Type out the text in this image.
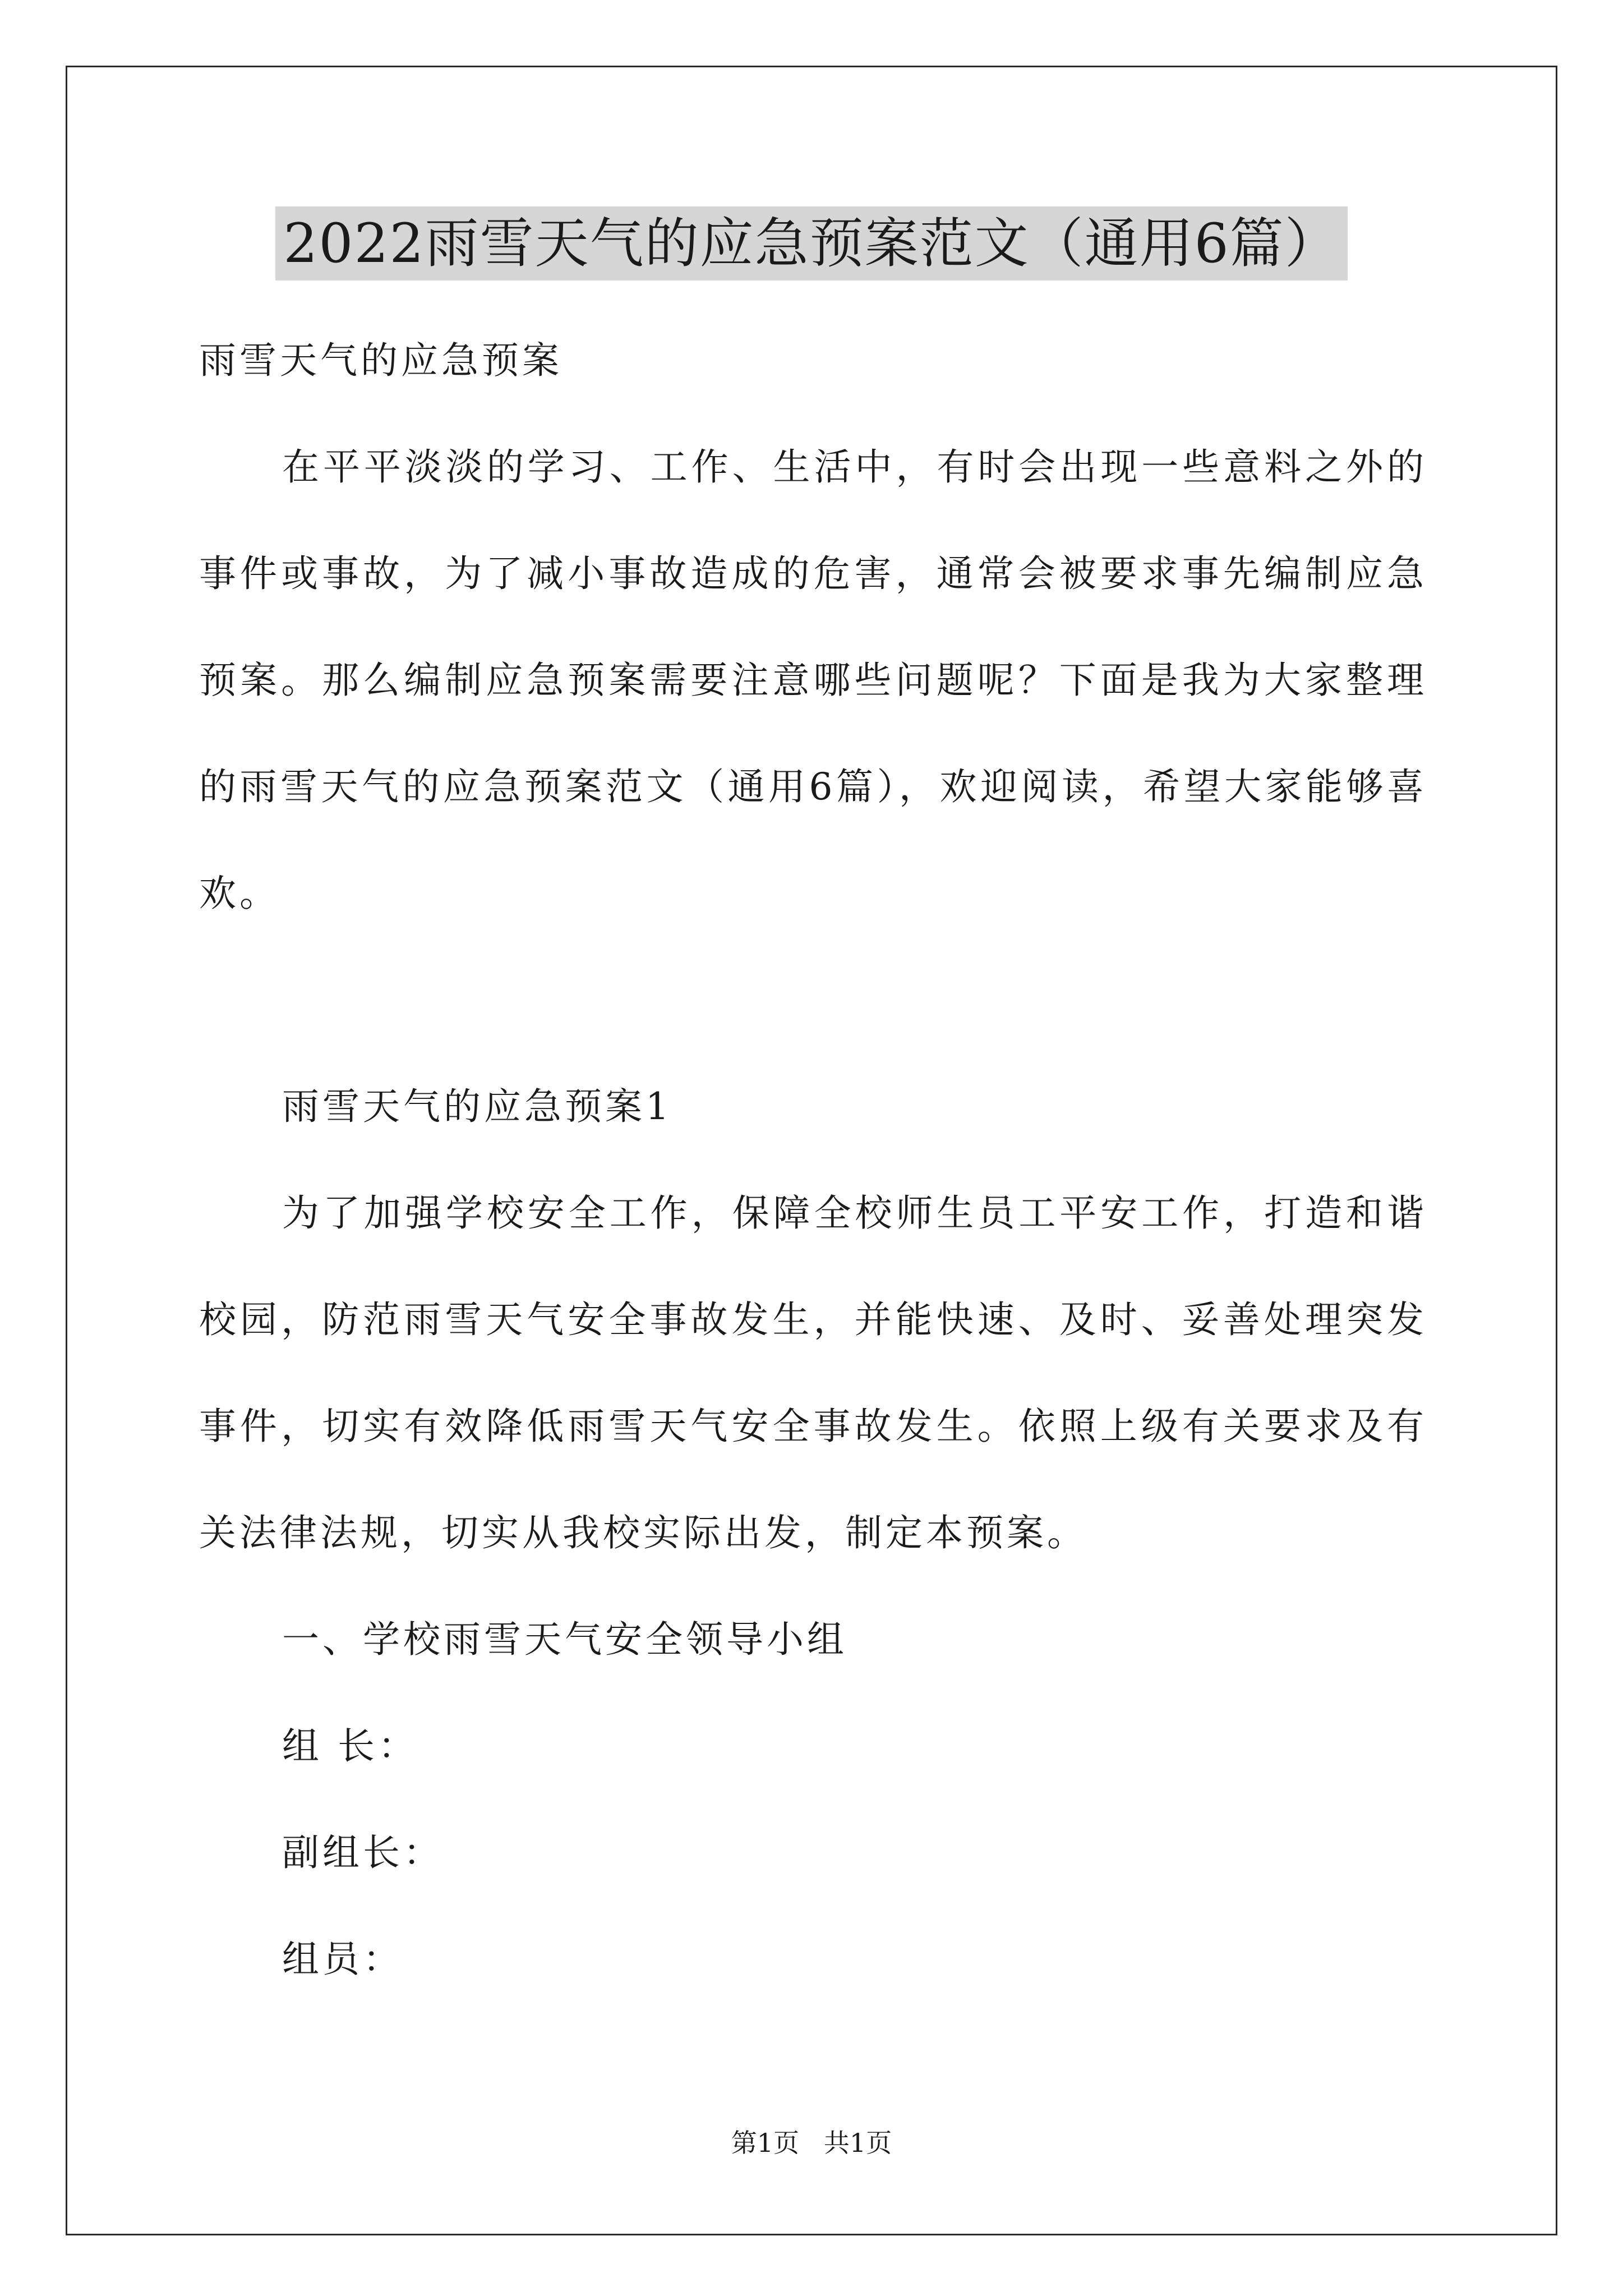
2022雨雪天气的应急预案范文（通用6篇）

雨雪天气的应急预案

在平平淡淡的学习、工作、生活中，有时会出现一些意料之外的事件或事故，为了减小事故造成的危害，通常会被要求事先编制应急预案。那么编制应急预案需要注意哪些问题呢？下面是我为大家整理的雨雪天气的应急预案范文（通用6篇），欢迎阅读，希望大家能够喜欢。

雨雪天气的应急预案1

为了加强学校安全工作，保障全校师生员工平安工作，打造和谐校园，防范雨雪天气安全事故发生，并能快速、及时、妥善处理突发事件，切实有效降低雨雪天气安全事故发生。依照上级有关要求及有关法律法规，切实从我校实际出发，制定本预案。

一、学校雨雪天气安全领导小组

组 长：

副组长：

组员：

第1页   共1页
